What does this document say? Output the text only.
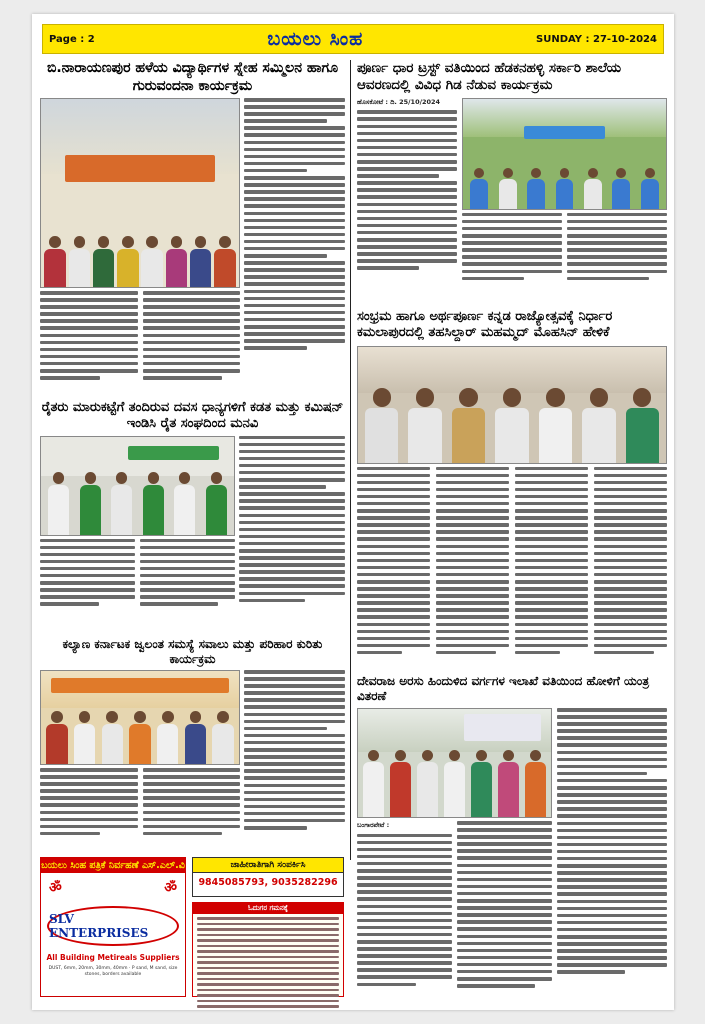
Page : 2	ಬಯಲು ಸಿಂಹ	SUNDAY : 27-10-2024
ಬಿ.ನಾರಾಯಣಪುರ ಹಳೆಯ ವಿದ್ಯಾರ್ಥಿಗಳ ಸ್ನೇಹ ಸಮ್ಮಿಲನ ಹಾಗೂ ಗುರುವಂದನಾ ಕಾರ್ಯಕ್ರಮ
ಪೂರ್ಣ ಧಾರ ಟ್ರಸ್ಟ್ ವತಿಯಿಂದ ಹೆಡಕನಹಳ್ಳಿ ಸರ್ಕಾರಿ ಶಾಲೆಯ ಆವರಣದಲ್ಲಿ ವಿವಿಧ ಗಿಡ ನೆಡುವ ಕಾರ್ಯಕ್ರಮ
ಹೊಸಕೋಟೆ : ದಿ. 25/10/2024
ಸಂಭ್ರಮ ಹಾಗೂ ಅರ್ಥಪೂರ್ಣ ಕನ್ನಡ ರಾಜ್ಯೋತ್ಸವಕ್ಕೆ ನಿರ್ಧಾರ ಕಮಲಾಪುರದಲ್ಲಿ ತಹಸಿಲ್ದಾರ್ ಮಹಮ್ಮದ್ ಮೊಹಸಿನ್ ಹೇಳಿಕೆ
ರೈತರು ಮಾರುಕಟ್ಟೆಗೆ ತಂದಿರುವ ದವಸ ಧಾನ್ಯಗಳಿಗೆ ಕಡತ ಮತ್ತು ಕಮಿಷನ್ ಇಂಡಿಸಿ ರೈತ ಸಂಘದಿಂದ ಮನವಿ
ಕಲ್ಯಾಣ ಕರ್ನಾಟಕ ಜ್ವಲಂತ ಸಮಸ್ಯೆ ಸವಾಲು ಮತ್ತು ಪರಿಹಾರ ಕುರಿತು ಕಾರ್ಯಕ್ರಮ
ದೇವರಾಜ ಅರಸು ಹಿಂದುಳಿದ ವರ್ಗಗಳ ಇಲಾಖೆ ವತಿಯಿಂದ ಹೋಳಿಗೆ ಯಂತ್ರ ವಿತರಣೆ
ಬಂಗಾರಪೇಟೆ :
ಬಯಲು ಸಿಂಹ ಪತ್ರಿಕೆ ನಿರ್ವಹಣೆ ಎಸ್.ಎಲ್.ವಿ
ॐ	ॐ
SLV ENTERPRISES
All Building Metireals Suppliers
DUST, 6mm, 20mm, 30mm, 40mm · P sand, M sand, size stones, borders available
ಜಾಹೀರಾತಿಗಾಗಿ ಸಂಪರ್ಕಿಸಿ
9845085793, 9035282296
ಓದುಗರ ಗಮನಕ್ಕೆ
